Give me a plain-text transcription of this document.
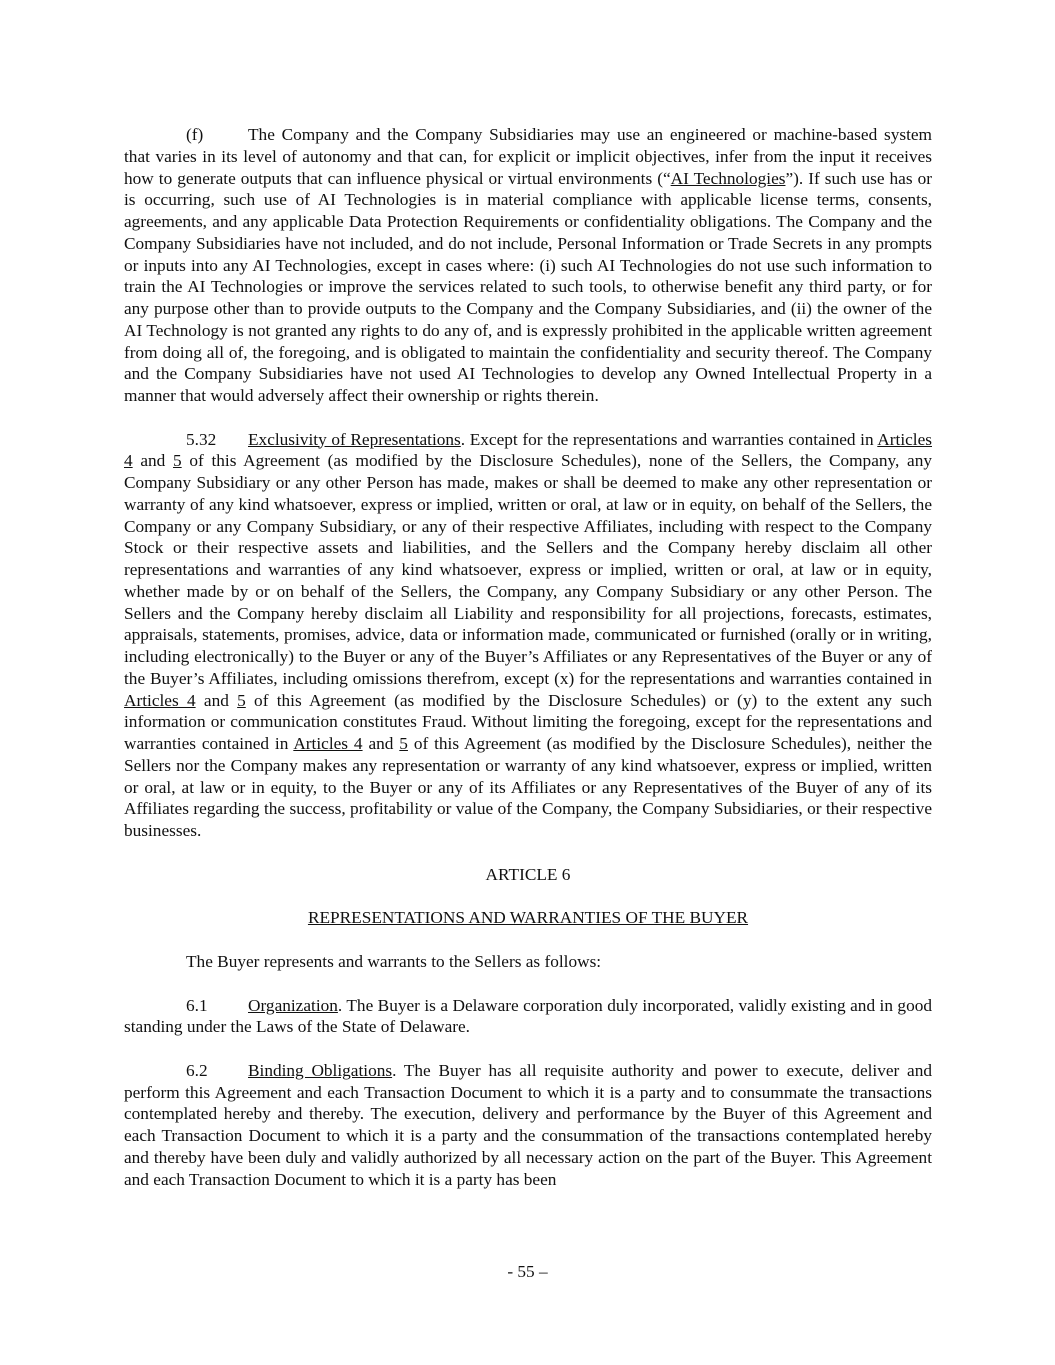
(f)	The Company and the Company Subsidiaries may use an engineered or machine-based system that varies in its level of autonomy and that can, for explicit or implicit objectives, infer from the input it receives how to generate outputs that can influence physical or virtual environments (“AI Technologies”). If such use has or is occurring, such use of AI Technologies is in material compliance with applicable license terms, consents, agreements, and any applicable Data Protection Requirements or confidentiality obligations. The Company and the Company Subsidiaries have not included, and do not include, Personal Information or Trade Secrets in any prompts or inputs into any AI Technologies, except in cases where: (i) such AI Technologies do not use such information to train the AI Technologies or improve the services related to such tools, to otherwise benefit any third party, or for any purpose other than to provide outputs to the Company and the Company Subsidiaries, and (ii) the owner of the AI Technology is not granted any rights to do any of, and is expressly prohibited in the applicable written agreement from doing all of, the foregoing, and is obligated to maintain the confidentiality and security thereof. The Company and the Company Subsidiaries have not used AI Technologies to develop any Owned Intellectual Property in a manner that would adversely affect their ownership or rights therein.

5.32 Exclusivity of Representations. Except for the representations and warranties contained in Articles 4 and 5 of this Agreement (as modified by the Disclosure Schedules), none of the Sellers, the Company, any Company Subsidiary or any other Person has made, makes or shall be deemed to make any other representation or warranty of any kind whatsoever, express or implied, written or oral, at law or in equity, on behalf of the Sellers, the Company or any Company Subsidiary, or any of their respective Affiliates, including with respect to the Company Stock or their respective assets and liabilities, and the Sellers and the Company hereby disclaim all other representations and warranties of any kind whatsoever, express or implied, written or oral, at law or in equity, whether made by or on behalf of the Sellers, the Company, any Company Subsidiary or any other Person. The Sellers and the Company hereby disclaim all Liability and responsibility for all projections, forecasts, estimates, appraisals, statements, promises, advice, data or information made, communicated or furnished (orally or in writing, including electronically) to the Buyer or any of the Buyer’s Affiliates or any Representatives of the Buyer or any of the Buyer’s Affiliates, including omissions therefrom, except (x) for the representations and warranties contained in Articles 4 and 5 of this Agreement (as modified by the Disclosure Schedules) or (y) to the extent any such information or communication constitutes Fraud. Without limiting the foregoing, except for the representations and warranties contained in Articles 4 and 5 of this Agreement (as modified by the Disclosure Schedules), neither the Sellers nor the Company makes any representation or warranty of any kind whatsoever, express or implied, written or oral, at law or in equity, to the Buyer or any of its Affiliates or any Representatives of the Buyer of any of its Affiliates regarding the success, profitability or value of the Company, the Company Subsidiaries, or their respective businesses.

ARTICLE 6

REPRESENTATIONS AND WARRANTIES OF THE BUYER

The Buyer represents and warrants to the Sellers as follows:

6.1 Organization. The Buyer is a Delaware corporation duly incorporated, validly existing and in good standing under the Laws of the State of Delaware.

6.2 Binding Obligations. The Buyer has all requisite authority and power to execute, deliver and perform this Agreement and each Transaction Document to which it is a party and to consummate the transactions contemplated hereby and thereby. The execution, delivery and performance by the Buyer of this Agreement and each Transaction Document to which it is a party and the consummation of the transactions contemplated hereby and thereby have been duly and validly authorized by all necessary action on the part of the Buyer. This Agreement and each Transaction Document to which it is a party has been

- 55 –
